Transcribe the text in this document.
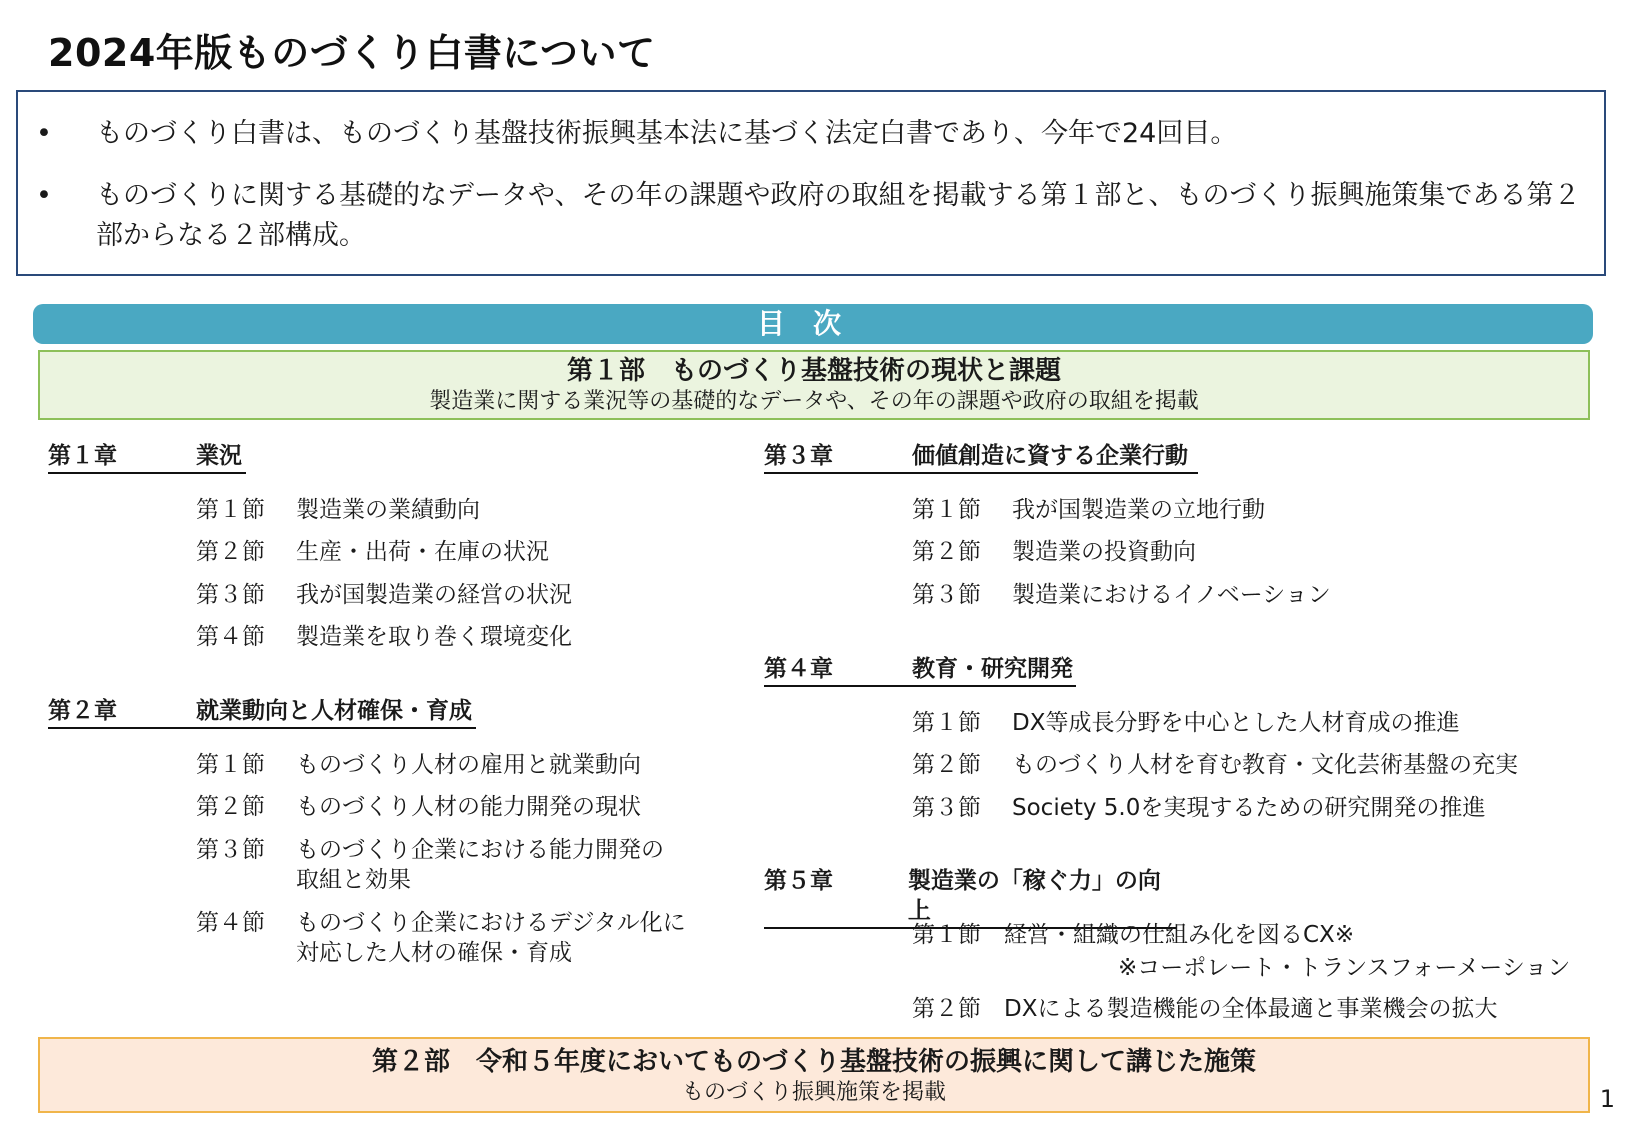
2024年版ものづくり白書について
•	ものづくり白書は、ものづくり基盤技術振興基本法に基づく法定白書であり、今年で24回目。
•	ものづくりに関する基礎的なデータや、その年の課題や政府の取組を掲載する第１部と、ものづくり振興施策集である第２部からなる２部構成。
目次
第１部　ものづくり基盤技術の現状と課題
製造業に関する業況等の基礎的なデータや、その年の課題や政府の取組を掲載
第１章	業況
第１節	製造業の業績動向
第２節	生産・出荷・在庫の状況
第３節	我が国製造業の経営の状況
第４節	製造業を取り巻く環境変化
第２章	就業動向と人材確保・育成
第１節	ものづくり人材の雇用と就業動向
第２節	ものづくり人材の能力開発の現状
第３節	ものづくり企業における能力開発の
取組と効果
第４節	ものづくり企業におけるデジタル化に
対応した人材の確保・育成
第３章	価値創造に資する企業行動
第１節	我が国製造業の立地行動
第２節	製造業の投資動向
第３節	製造業におけるイノベーション
第４章	教育・研究開発
第１節	DX等成長分野を中心とした人材育成の推進
第２節	ものづくり人材を育む教育・文化芸術基盤の充実
第３節	Society 5.0を実現するための研究開発の推進
第５章	製造業の「稼ぐ力」の向上
第１節	経営・組織の仕組み化を図るCX※
※コーポレート・トランスフォーメーション
第２節	DXによる製造機能の全体最適と事業機会の拡大
第２部　令和５年度においてものづくり基盤技術の振興に関して講じた施策
ものづくり振興施策を掲載	1
